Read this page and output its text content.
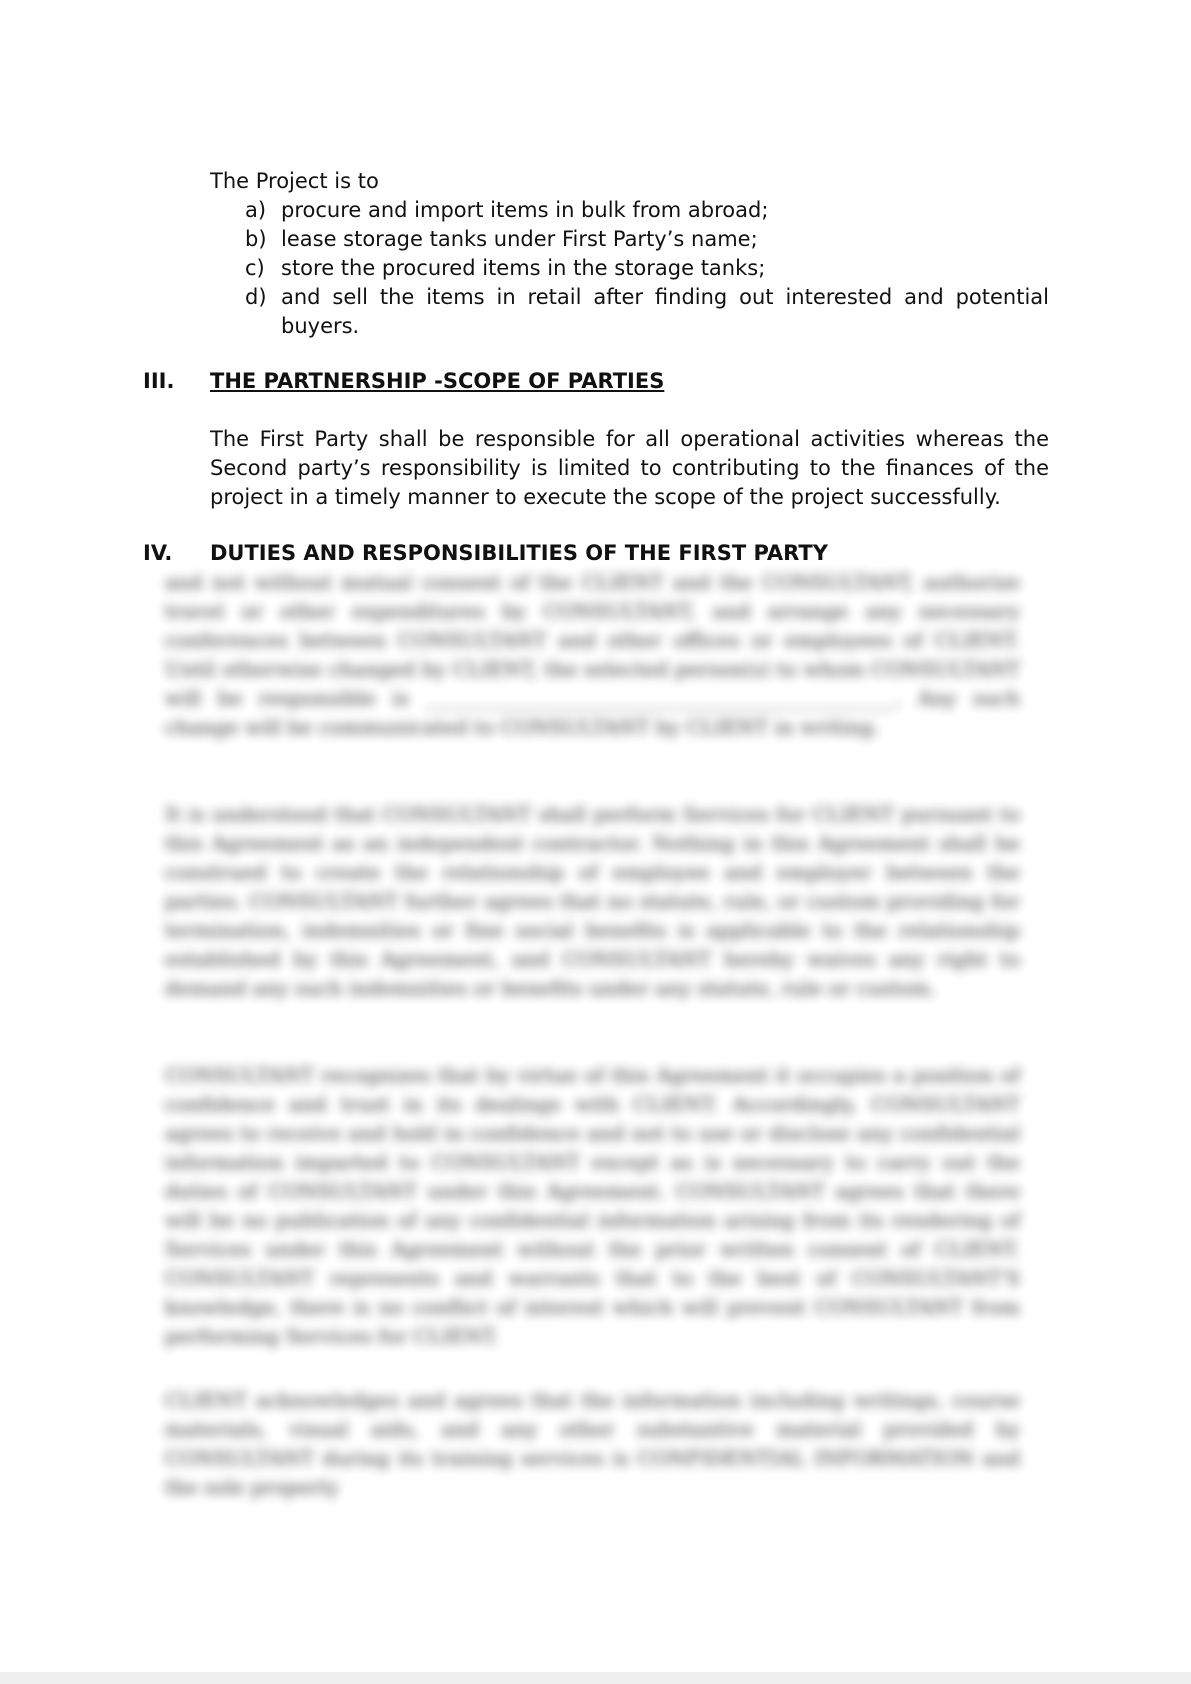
The Project is to
a) procure and import items in bulk from abroad;
b) lease storage tanks under First Party’s name;
c) store the procured items in the storage tanks;
d) and sell the items in retail after finding out interested and potential buyers.
III. THE PARTNERSHIP -SCOPE OF PARTIES
The First Party shall be responsible for all operational activities whereas the Second party’s responsibility is limited to contributing to the finances of the project in a timely manner to execute the scope of the project successfully.
IV. DUTIES AND RESPONSIBILITIES OF THE FIRST PARTY
and not without mutual consent of the CLIENT and the CONSULTANT, authorize travel or other expenditures by CONSULTANT, and arrange any necessary conferences between CONSULTANT and other offices or employees of CLIENT. Until otherwise changed by CLIENT, the selected person(s) to whom CONSULTANT will be responsible is _______________________________________________. Any such change will be communicated to CONSULTANT by CLIENT in writing.
It is understood that CONSULTANT shall perform Services for CLIENT pursuant to this Agreement as an independent contractor. Nothing in this Agreement shall be construed to create the relationship of employee and employer between the parties. CONSULTANT further agrees that no statute, rule, or custom providing for termination, indemnities or fine social benefits is applicable to the relationship established by this Agreement, and CONSULTANT hereby waives any right to demand any such indemnities or benefits under any statute, rule or custom.
CONSULTANT recognizes that by virtue of this Agreement it occupies a position of confidence and trust in its dealings with CLIENT. Accordingly, CONSULTANT agrees to receive and hold in confidence and not to use or disclose any confidential information imparted to CONSULTANT except as is necessary to carry out the duties of CONSULTANT under this Agreement. CONSULTANT agrees that there will be no publication of any confidential information arising from its rendering of Services under this Agreement without the prior written consent of CLIENT. CONSULTANT represents and warrants that to the best of CONSULTANT'S knowledge, there is no conflict of interest which will prevent CONSULTANT from performing Services for CLIENT.
CLIENT acknowledges and agrees that the information including writings, course materials, visual aids, and any other substantive material provided by CONSULTANT during its training services is CONFIDENTIAL INFORMATION and the sole property
